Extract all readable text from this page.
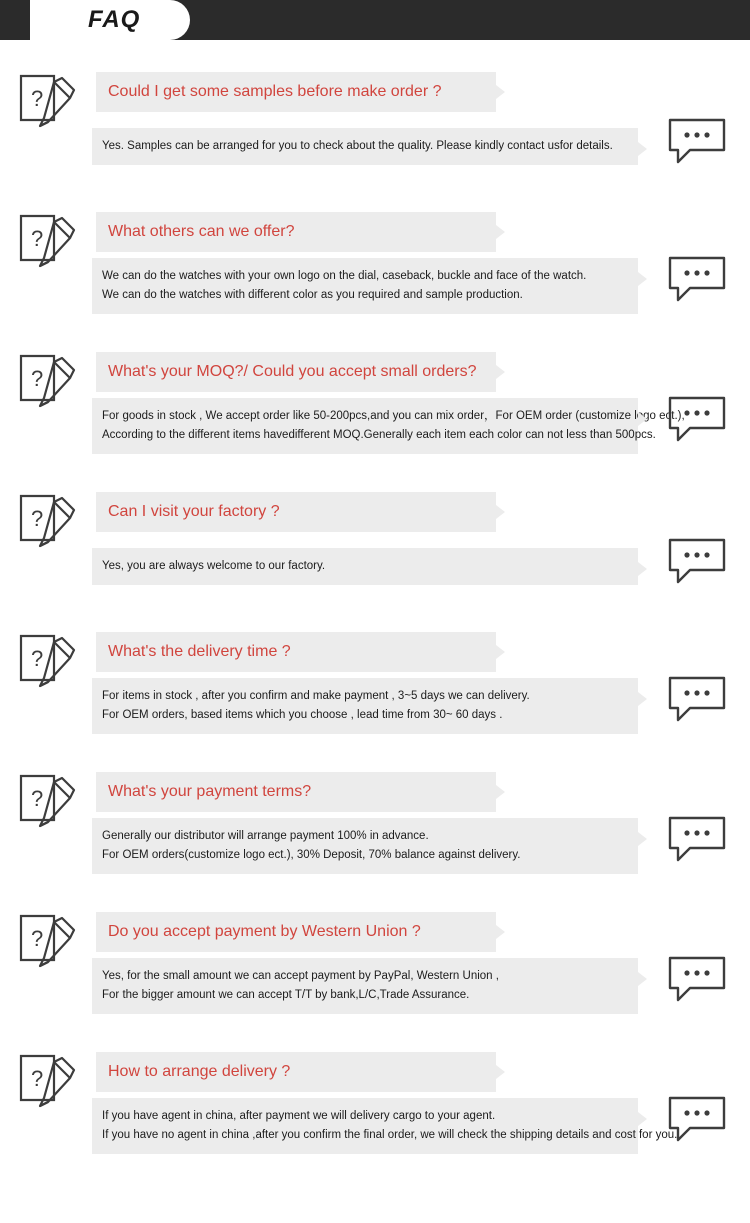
FAQ
?	Could I get some samples before make order ?
Yes. Samples can be arranged for you to check about the quality. Please kindly contact usfor details.
?	What others can we offer?
We can do the watches with your own logo on the dial, caseback, buckle and face of the watch.
We can do the watches with different color as you required and sample production.
?	What's your MOQ?/ Could you accept small orders?
For goods in stock , We accept order like 50-200pcs,and you can mix order，For OEM order (customize logo ect.),
According to the different items havedifferent MOQ.Generally each item each color can not less than 500pcs.
?	Can I visit your factory ?
Yes, you are always welcome to our factory.
?	What's the delivery time ?
For items in stock , after you confirm and make payment , 3~5 days we can delivery.
For OEM orders, based items which you choose , lead time from 30~ 60 days .
?	What's your payment terms?
Generally our distributor will arrange payment 100% in advance.
For OEM orders(customize logo ect.), 30% Deposit, 70% balance against delivery.
?	Do you accept payment by Western Union ?
Yes, for the small amount we can accept payment by PayPal, Western Union ,
For the bigger amount we can accept T/T by bank,L/C,Trade Assurance.
?	How to arrange delivery ?
If you have agent in china, after payment we will delivery cargo to your agent.
If you have no agent in china ,after you confirm the final order, we will check the shipping details and cost for you.
